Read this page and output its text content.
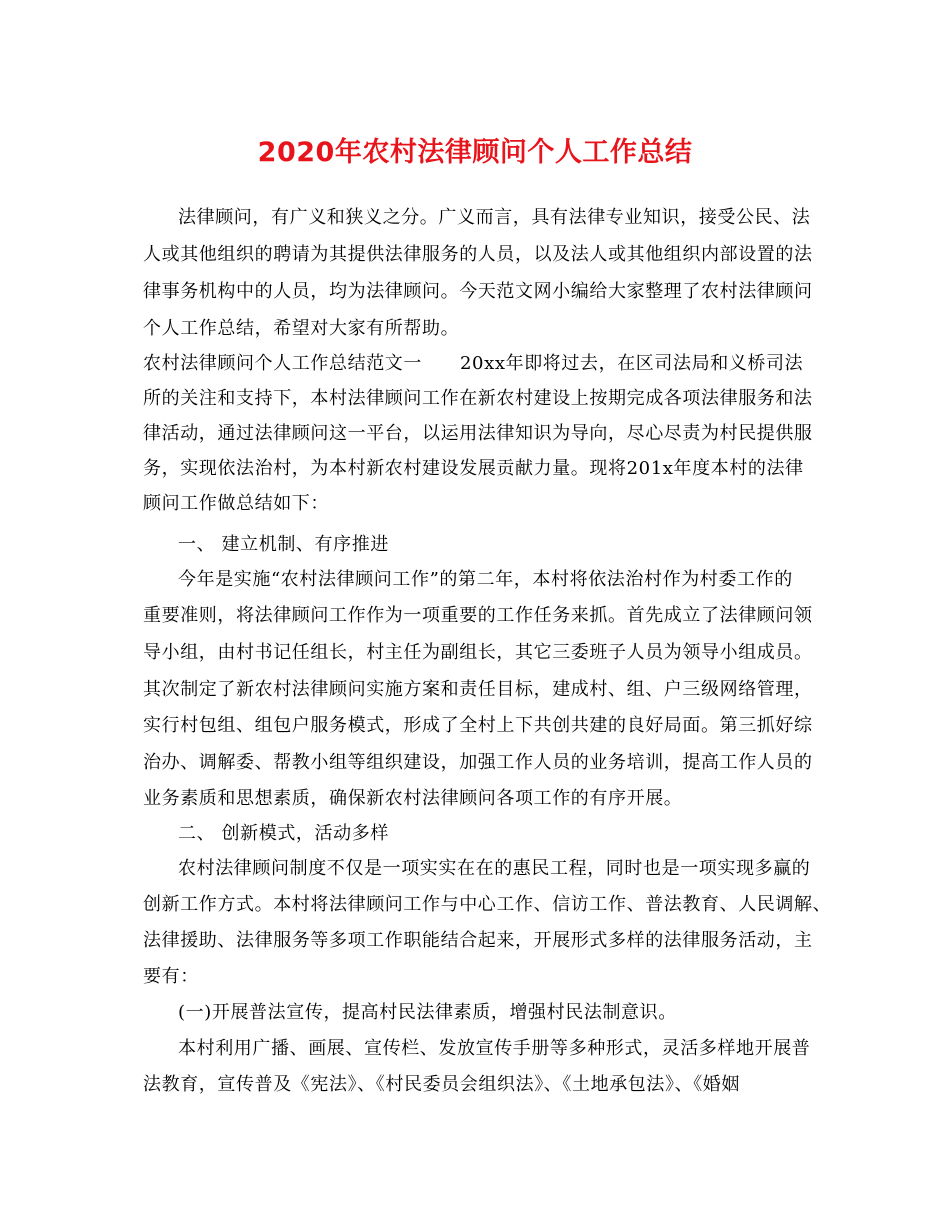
2020年农村法律顾问个人工作总结
法律顾问，有广义和狭义之分。广义而言，具有法律专业知识，接受公民、法
人或其他组织的聘请为其提供法律服务的人员，以及法人或其他组织内部设置的法
律事务机构中的人员，均为法律顾问。今天范文网小编给大家整理了农村法律顾问
个人工作总结，希望对大家有所帮助。
农村法律顾问个人工作总结范文一 20xx年即将过去，在区司法局和义桥司法
所的关注和支持下，本村法律顾问工作在新农村建设上按期完成各项法律服务和法
律活动，通过法律顾问这一平台，以运用法律知识为导向，尽心尽责为村民提供服
务，实现依法治村，为本村新农村建设发展贡献力量。现将201x年度本村的法律
顾问工作做总结如下：
一、 建立机制、有序推进
今年是实施“农村法律顾问工作”的第二年，本村将依法治村作为村委工作的
重要准则，将法律顾问工作作为一项重要的工作任务来抓。首先成立了法律顾问领
导小组，由村书记任组长，村主任为副组长，其它三委班子人员为领导小组成员。
其次制定了新农村法律顾问实施方案和责任目标，建成村、组、户三级网络管理，
实行村包组、组包户服务模式，形成了全村上下共创共建的良好局面。第三抓好综
治办、调解委、帮教小组等组织建设，加强工作人员的业务培训，提高工作人员的
业务素质和思想素质，确保新农村法律顾问各项工作的有序开展。
二、 创新模式，活动多样
农村法律顾问制度不仅是一项实实在在的惠民工程，同时也是一项实现多赢的
创新工作方式。本村将法律顾问工作与中心工作、信访工作、普法教育、人民调解、
法律援助、法律服务等多项工作职能结合起来，开展形式多样的法律服务活动，主
要有：
(一)开展普法宣传，提高村民法律素质，增强村民法制意识。
本村利用广播、画展、宣传栏、发放宣传手册等多种形式，灵活多样地开展普
法教育，宣传普及《宪法》、《村民委员会组织法》、《土地承包法》、《婚姻
